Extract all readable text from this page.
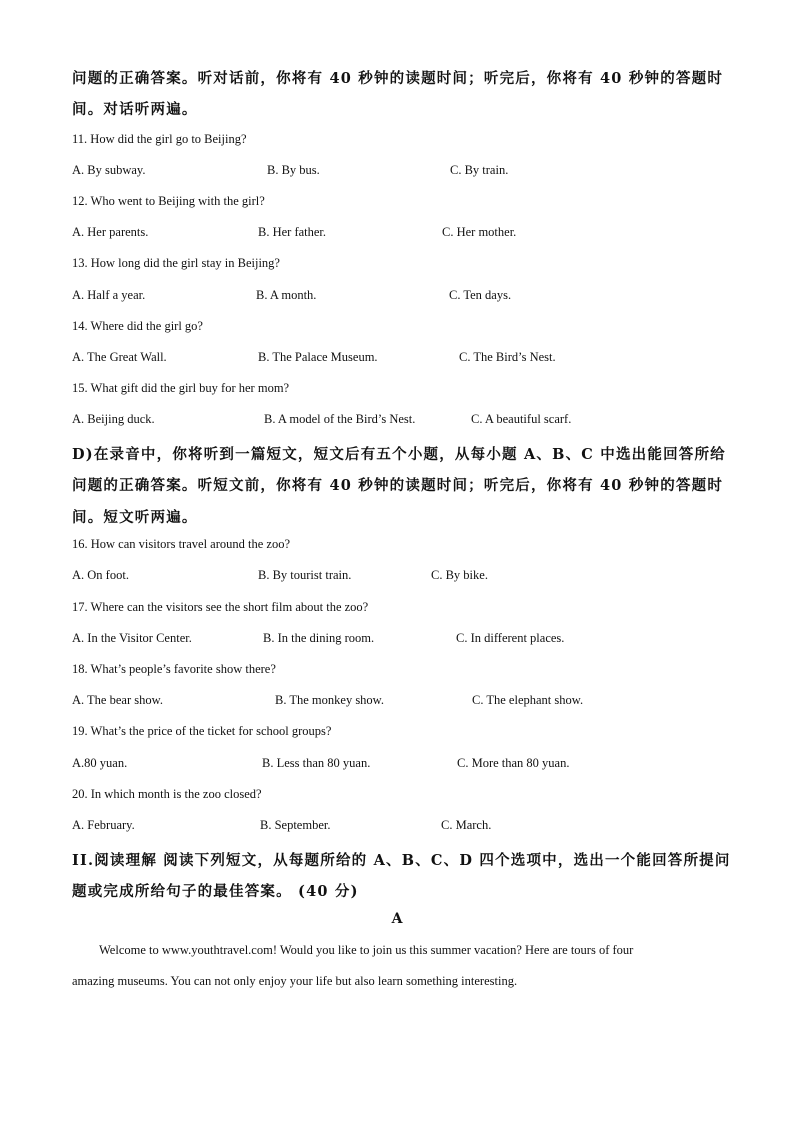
问题的正确答案。听对话前，你将有 40 秒钟的读题时间；听完后，你将有 40 秒钟的答题时
间。对话听两遍。
11. How did the girl go to Beijing?
A. By subway.	B. By bus.	C. By train.
12. Who went to Beijing with the girl?
A. Her parents.	B. Her father.	C. Her mother.
13. How long did the girl stay in Beijing?
A. Half a year.	B. A month.	C. Ten days.
14. Where did the girl go?
A. The Great Wall.	B. The Palace Museum.	C. The Bird’s Nest.
15. What gift did the girl buy for her mom?
A. Beijing duck.	B. A model of the Bird’s Nest.	C. A beautiful scarf.
D)在录音中，你将听到一篇短文，短文后有五个小题，从每小题 A、B、C 中选出能回答所给
问题的正确答案。听短文前，你将有 40 秒钟的读题时间；听完后，你将有 40 秒钟的答题时
间。短文听两遍。
16. How can visitors travel around the zoo?
A. On foot.	B. By tourist train.	C. By bike.
17. Where can the visitors see the short film about the zoo?
A. In the Visitor Center.	B. In the dining room.	C. In different places.
18. What’s people’s favorite show there?
A. The bear show.	B. The monkey show.	C. The elephant show.
19. What’s the price of the ticket for school groups?
A.80 yuan.	B. Less than 80 yuan.	C. More than 80 yuan.
20. In which month is the zoo closed?
A. February.	B. September.	C. March.
II.阅读理解 阅读下列短文，从每题所给的 A、B、C、D 四个选项中，选出一个能回答所提问
题或完成所给句子的最佳答案。 (40 分)
A
Welcome to www.youthtravel.com! Would you like to join us this summer vacation? Here are tours of four
amazing museums. You can not only enjoy your life but also learn something interesting.
